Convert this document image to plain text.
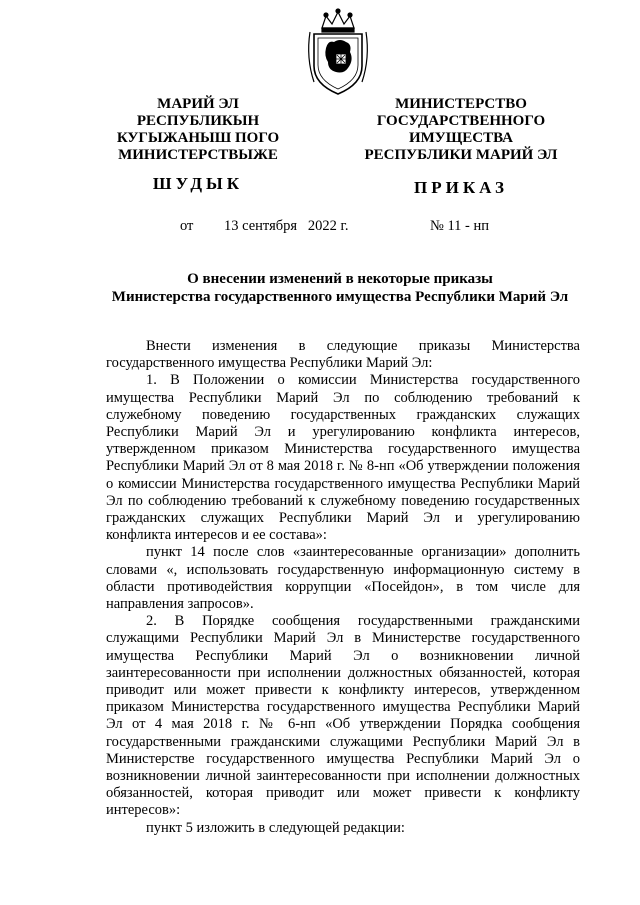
МАРИЙ ЭЛ
РЕСПУБЛИКЫН
КУГЫЖАНЫШ ПОГО
МИНИСТЕРСТВЫЖЕ
МИНИСТЕРСТВО
ГОСУДАРСТВЕННОГО
ИМУЩЕСТВА
РЕСПУБЛИКИ МАРИЙ ЭЛ
ШУДЫК	ПРИКАЗ
от 13 сентября   2022 г.	№ 11 - нп
О внесении изменений в некоторые приказы
Министерства государственного имущества Республики Марий Эл

Внести изменения в следующие приказы Министерства государственного имущества Республики Марий Эл:

1. В Положении о комиссии Министерства государственного имущества Республики Марий Эл по соблюдению требований к служебному поведению государственных гражданских служащих Республики Марий Эл и урегулированию конфликта интересов, утвержденном приказом Министерства государственного имущества Республики Марий Эл от 8 мая 2018 г. № 8-нп «Об утверждении положения о комиссии Министерства государственного имущества Республики Марий Эл по соблюдению требований к служебному поведению государственных гражданских служащих Республики Марий Эл и урегулированию конфликта интересов и ее состава»:

пункт 14 после слов «заинтересованные организации» дополнить словами «, использовать государственную информационную систему в области противодействия коррупции «Посейдон», в том числе для направления запросов».

2. В Порядке сообщения государственными гражданскими служащими Республики Марий Эл в Министерстве государственного имущества Республики Марий Эл о возникновении личной заинтересованности при исполнении должностных обязанностей, которая приводит или может привести к конфликту интересов, утвержденном приказом Министерства государственного имущества Республики Марий Эл от 4 мая 2018 г. № 6-нп «Об утверждении Порядка сообщения государственными гражданскими служащими Республики Марий Эл в Министерстве государственного имущества Республики Марий Эл о возникновении личной заинтересованности при исполнении должностных обязанностей, которая приводит или может привести к конфликту интересов»:

пункт 5 изложить в следующей редакции:
